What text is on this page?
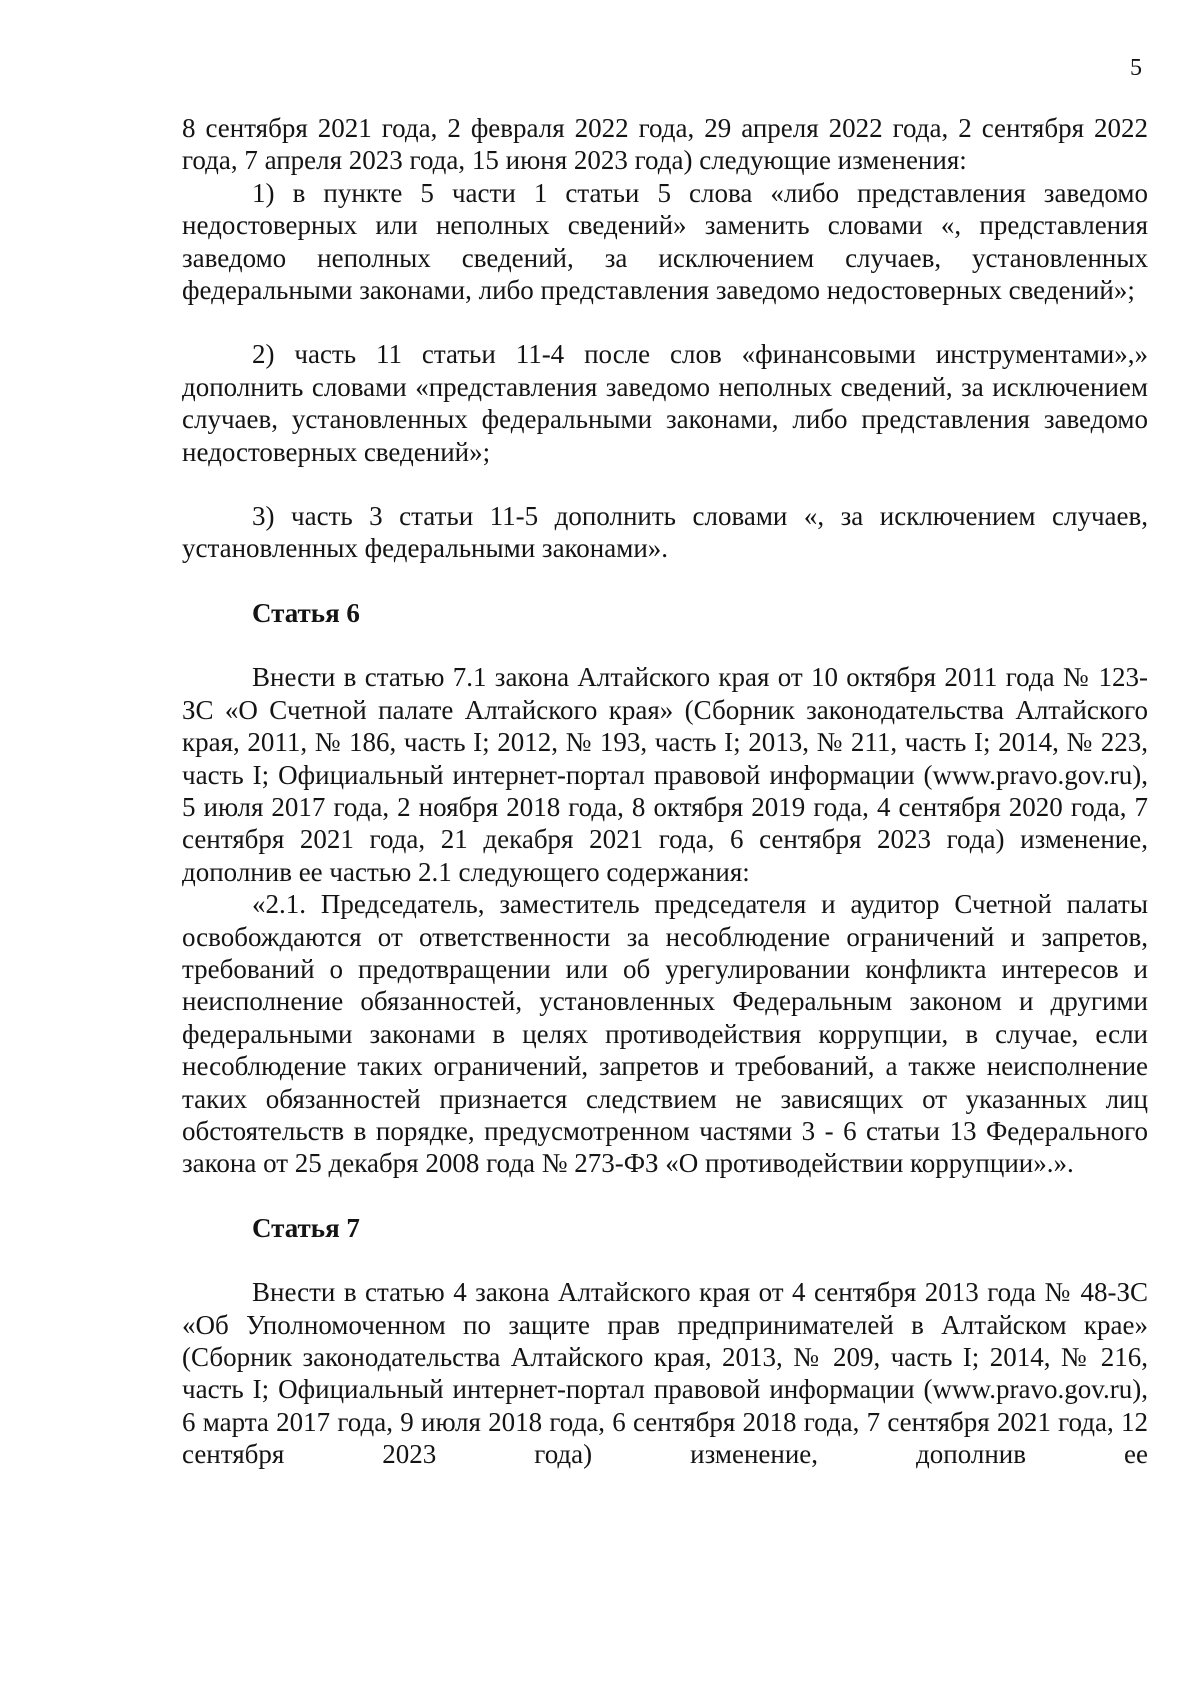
5

8 сентября 2021 года, 2 февраля 2022 года, 29 апреля 2022 года, 2 сентября 2022 года, 7 апреля 2023 года, 15 июня 2023 года) следующие изменения:

1) в пункте 5 части 1 статьи 5 слова «либо представления заведомо недостоверных или неполных сведений» заменить словами «, представления заведомо неполных сведений, за исключением случаев, установленных федеральными законами, либо представления заведомо недостоверных сведений»;

2) часть 11 статьи 11-4 после слов «финансовыми инструментами»,» дополнить словами «представления заведомо неполных сведений, за исключением случаев, установленных федеральными законами, либо представления заведомо недостоверных сведений»;

3) часть 3 статьи 11-5 дополнить словами «, за исключением случаев, установленных федеральными законами».

Статья 6

Внести в статью 7.1 закона Алтайского края от 10 октября 2011 года № 123-ЗС «О Счетной палате Алтайского края» (Сборник законодательства Алтайского края, 2011, № 186, часть I; 2012, № 193, часть I; 2013, № 211, часть I; 2014, № 223, часть I; Официальный интернет-портал правовой информации (www.pravo.gov.ru), 5 июля 2017 года, 2 ноября 2018 года, 8 октября 2019 года, 4 сентября 2020 года, 7 сентября 2021 года, 21 декабря 2021 года, 6 сентября 2023 года) изменение, дополнив ее частью 2.1 следующего содержания:

«2.1. Председатель, заместитель председателя и аудитор Счетной палаты освобождаются от ответственности за несоблюдение ограничений и запретов, требований о предотвращении или об урегулировании конфликта интересов и неисполнение обязанностей, установленных Федеральным законом и другими федеральными законами в целях противодействия коррупции, в случае, если несоблюдение таких ограничений, запретов и требований, а также неисполнение таких обязанностей признается следствием не зависящих от указанных лиц обстоятельств в порядке, предусмотренном частями 3 - 6 статьи 13 Федерального закона от 25 декабря 2008 года № 273-ФЗ «О противодействии коррупции».».

Статья 7

Внести в статью 4 закона Алтайского края от 4 сентября 2013 года № 48-ЗС «Об Уполномоченном по защите прав предпринимателей в Алтайском крае» (Сборник законодательства Алтайского края, 2013, № 209, часть I; 2014, № 216, часть I; Официальный интернет-портал правовой информации (www.pravo.gov.ru), 6 марта 2017 года, 9 июля 2018 года, 6 сентября 2018 года, 7 сентября 2021 года, 12 сентября 2023 года) изменение, дополнив ее
